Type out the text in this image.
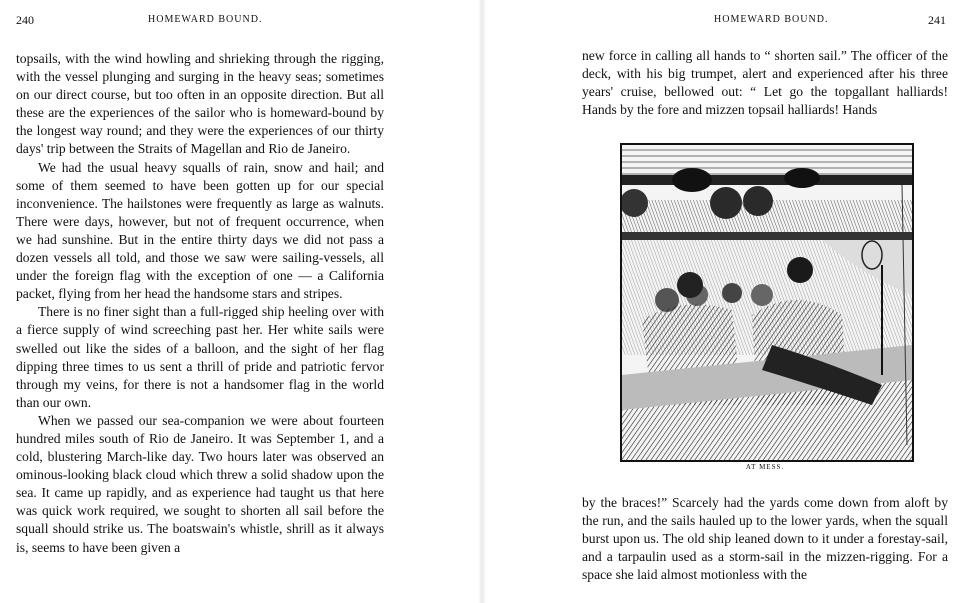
240	HOMEWARD BOUND.

topsails, with the wind howling and shrieking through the rigging, with the vessel plunging and surging in the heavy seas; sometimes on our direct course, but too often in an opposite direction. But all these are the experiences of the sailor who is homeward-bound by the longest way round; and they were the experiences of our thirty days' trip between the Straits of Magellan and Rio de Janeiro.

We had the usual heavy squalls of rain, snow and hail; and some of them seemed to have been gotten up for our special inconvenience. The hailstones were frequently as large as walnuts. There were days, however, but not of frequent occurrence, when we had sunshine. But in the entire thirty days we did not pass a dozen vessels all told, and those we saw were sailing-vessels, all under the foreign flag with the exception of one — a California packet, flying from her head the handsome stars and stripes.

There is no finer sight than a full-rigged ship heeling over with a fierce supply of wind screeching past her. Her white sails were swelled out like the sides of a balloon, and the sight of her flag dipping three times to us sent a thrill of pride and patriotic fervor through my veins, for there is not a handsomer flag in the world than our own.

When we passed our sea-companion we were about fourteen hundred miles south of Rio de Janeiro. It was September 1, and a cold, blustering March-like day. Two hours later was observed an ominous-looking black cloud which threw a solid shadow upon the sea. It came up rapidly, and as experience had taught us that here was quick work required, we sought to shorten all sail before the squall should strike us. The boatswain's whistle, shrill as it always is, seems to have been given a

HOMEWARD BOUND.	241

new force in calling all hands to “ shorten sail.” The officer of the deck, with his big trumpet, alert and experienced after his three years' cruise, bellowed out: “ Let go the topgallant halliards! Hands by the fore and mizzen topsail halliards! Hands

by the braces!” Scarcely had the yards come down from aloft by the run, and the sails hauled up to the lower yards, when the squall burst upon us. The old ship leaned down to it under a forestay-sail, and a tarpaulin used as a storm-sail in the mizzen-rigging. For a space she laid almost motionless with the

AT MESS.
